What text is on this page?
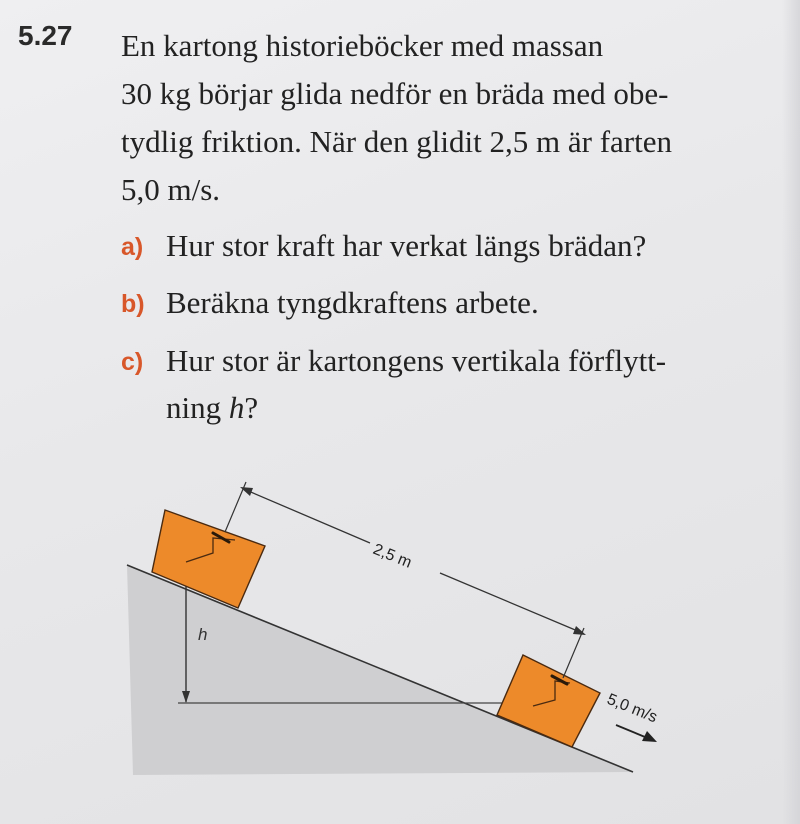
5.27 En kartong historieböcker med massan
30 kg börjar glida nedför en bräda med obe-
tydlig friktion. När den glidit 2,5 m är farten
5,0 m/s.
a) Hur stor kraft har verkat längs brädan?
b) Beräkna tyngdkraftens arbete.
c) Hur stor är kartongens vertikala förflytt-
ning h?
h
2,5 m
5,0 m/s
